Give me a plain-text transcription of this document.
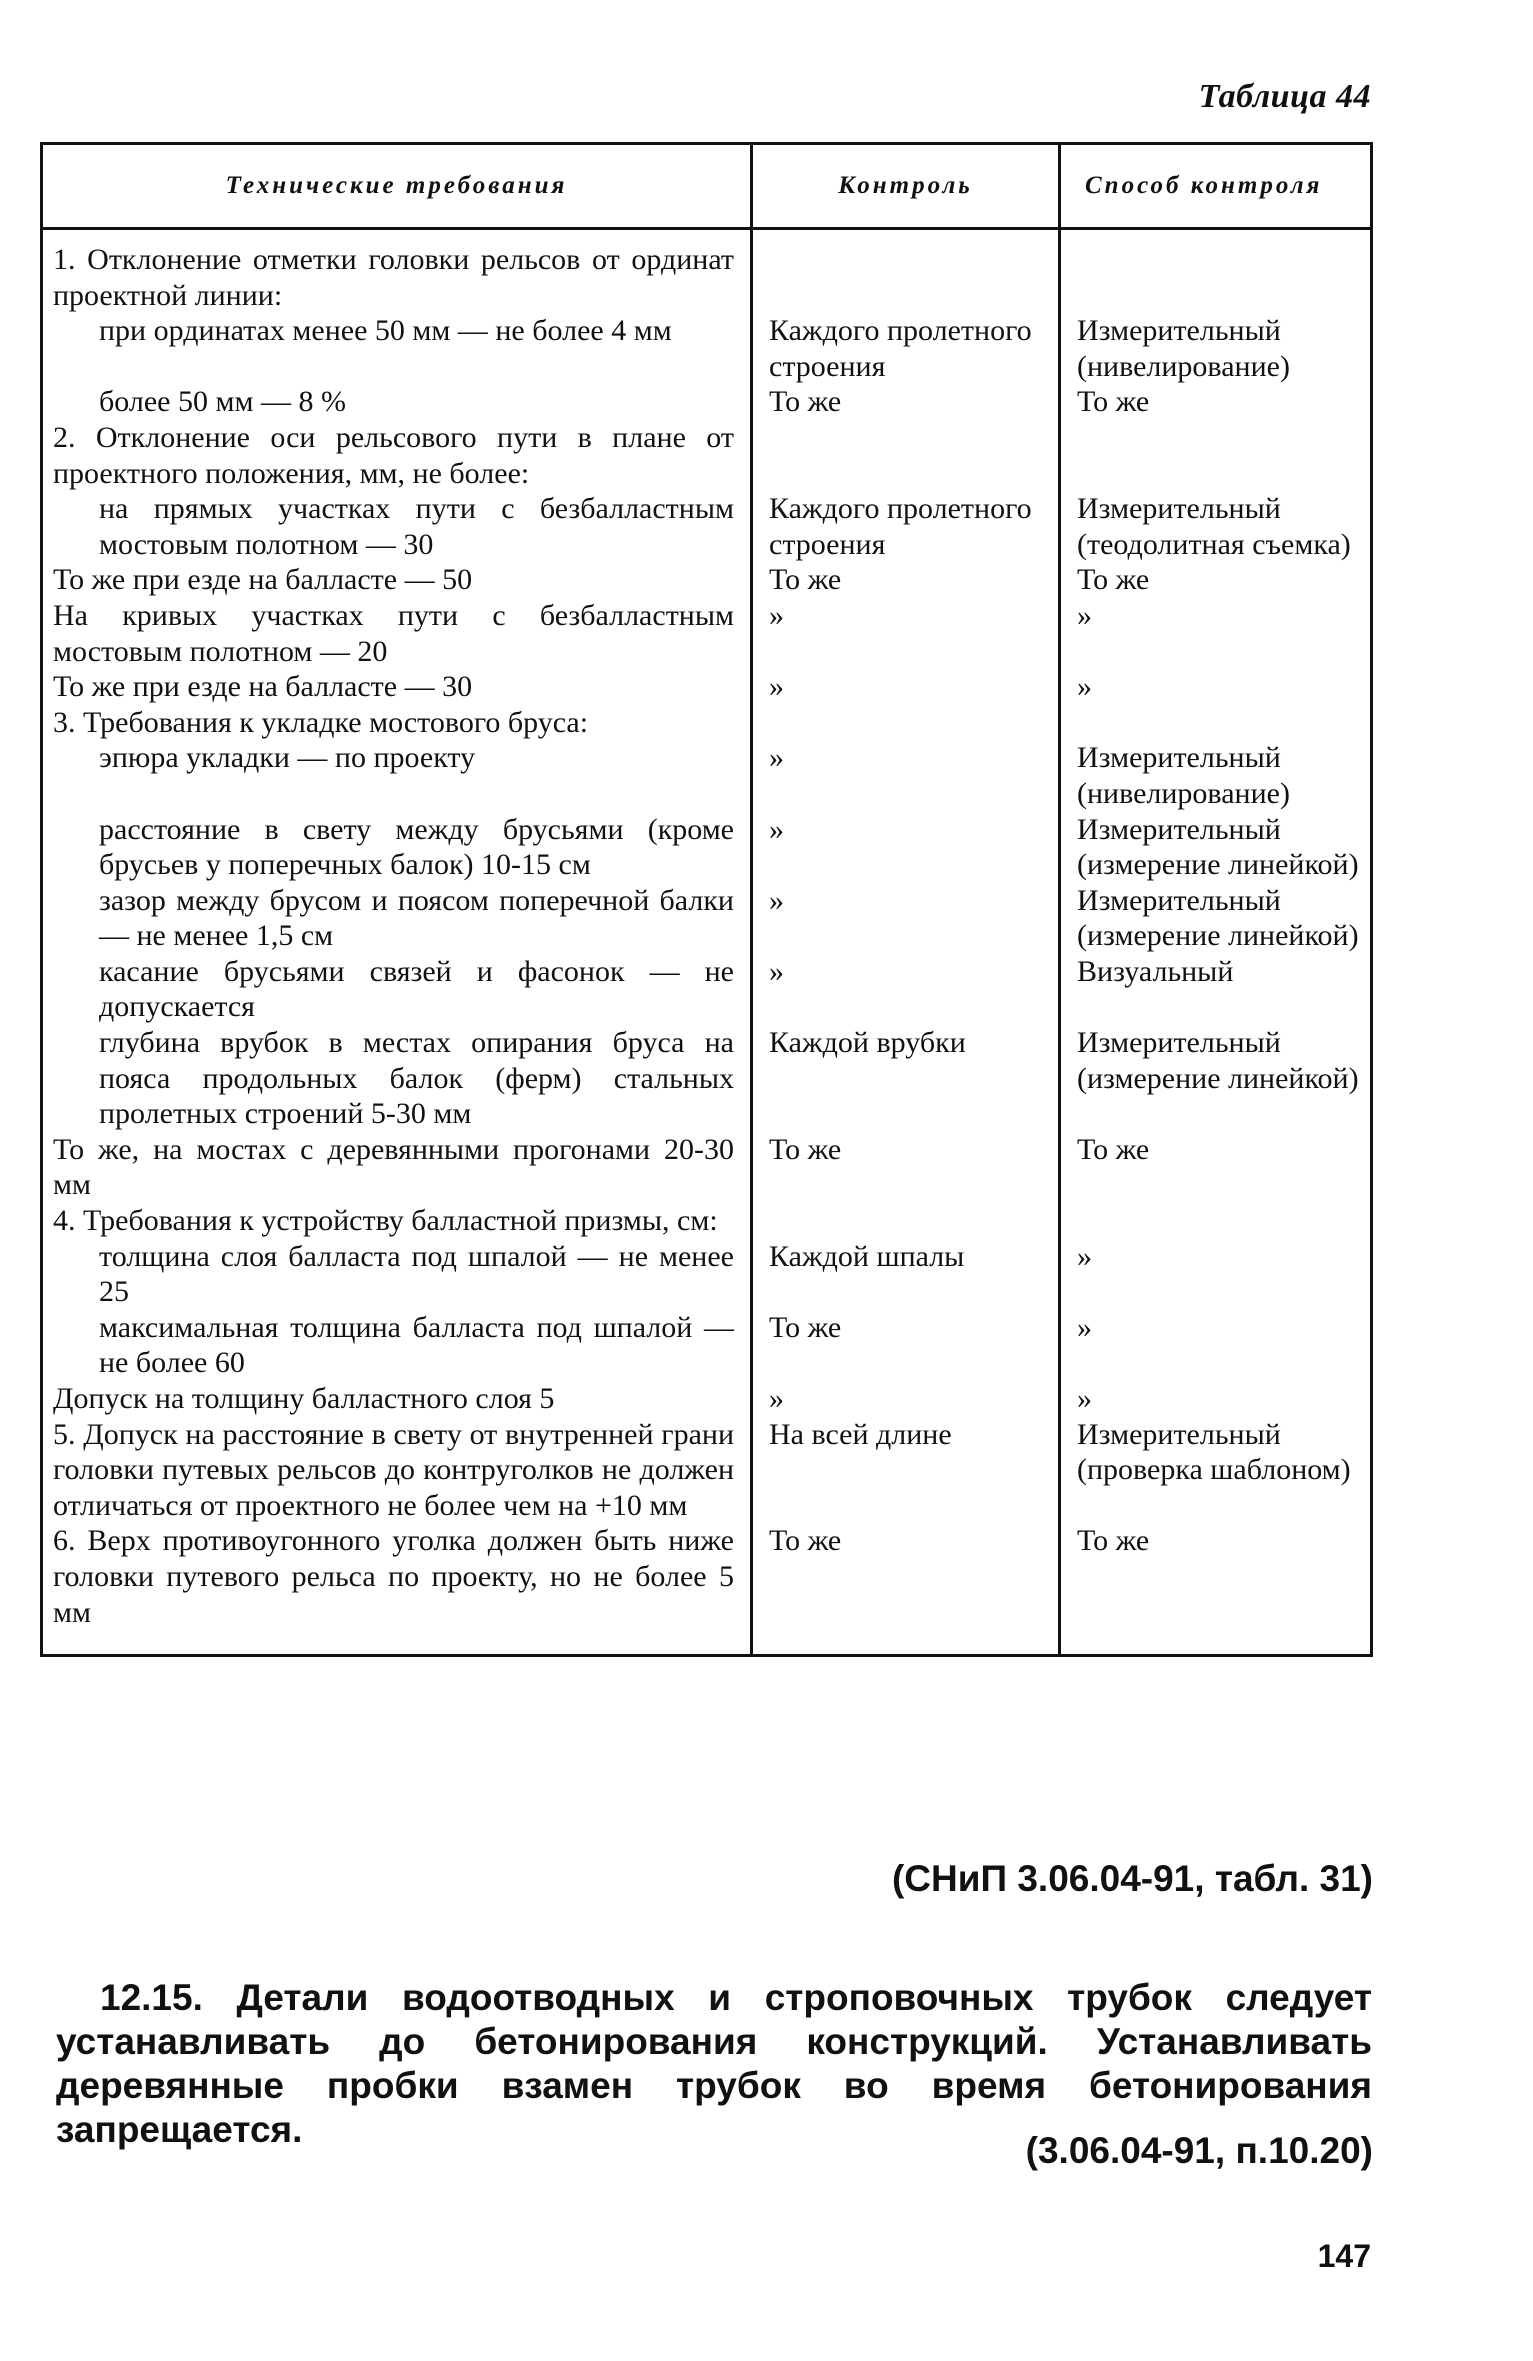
Таблица 44
Технические требования	Контроль	Способ контроля

1. Отклонение отметки головки рельсов от ординат проектной линии:		
при ординатах менее 50 мм — не более 4 мм	Каждого пролетного строения	Измерительный (нивелирование)
более 50 мм — 8 %	То же	То же
2. Отклонение оси рельсового пути в плане от проектного положения, мм, не более:		
на прямых участках пути с безбалластным мостовым полотном — 30	Каждого пролетного строения	Измерительный (теодолитная съемка)
То же при езде на балласте — 50	То же	То же
На кривых участках пути с безбалластным мостовым полотном — 20	»	»
То же при езде на балласте — 30	»	»
3. Требования к укладке мостового бруса:		
эпюра укладки — по проекту	»	Измерительный (нивелирование)
расстояние в свету между брусьями (кроме брусьев у поперечных балок) 10-15 см	»	Измерительный (измерение линейкой)
зазор между брусом и поясом поперечной балки — не менее 1,5 см	»	Измерительный (измерение линейкой)
касание брусьями связей и фасонок — не допускается	»	Визуальный
глубина врубок в местах опирания бруса на пояса продольных балок (ферм) стальных пролетных строений 5-30 мм	Каждой врубки	Измерительный (измерение линейкой)
То же, на мостах с деревянными прогонами 20-30 мм	То же	То же
4. Требования к устройству балластной призмы, см:		
толщина слоя балласта под шпалой — не менее 25	Каждой шпалы	»
максимальная толщина балласта под шпалой — не более 60	То же	»
Допуск на толщину балластного слоя 5	»	»
5. Допуск на расстояние в свету от внутренней грани головки путевых рельсов до контруголков не должен отличаться от проектного не более чем на +10 мм	На всей длине	Измерительный (проверка шаблоном)
6. Верх противоугонного уголка должен быть ниже головки путевого рельса по проекту, но не более 5 мм	То же	То же
(СНиП 3.06.04-91, табл. 31)
12.15. Детали водоотводных и строповочных трубок следует устанавливать до бетонирования конструкций. Устанавливать деревянные пробки взамен трубок во время бетонирования запрещается.
(3.06.04-91, п.10.20)
147
